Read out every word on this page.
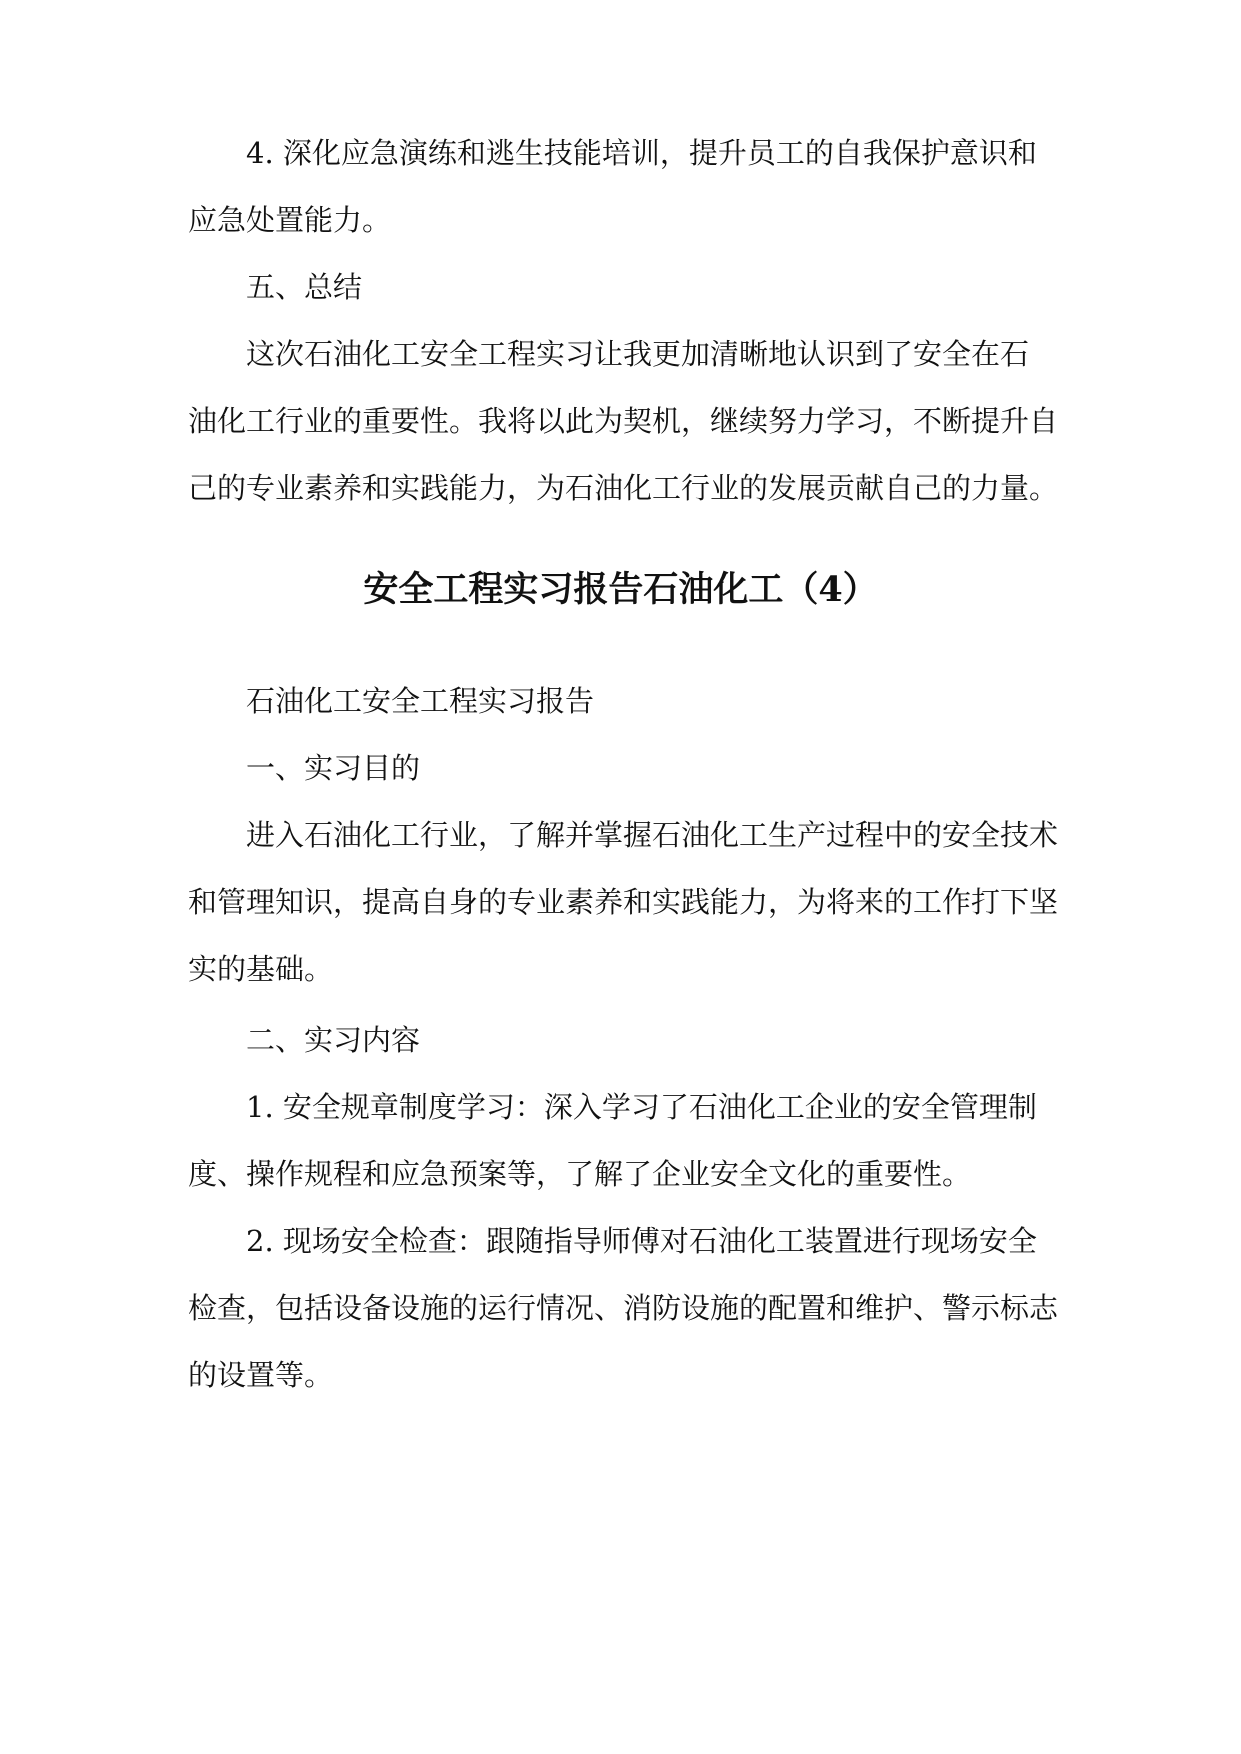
4. 深化应急演练和逃生技能培训，提升员工的自我保护意识和
应急处置能力。
五、总结
这次石油化工安全工程实习让我更加清晰地认识到了安全在石
油化工行业的重要性。我将以此为契机，继续努力学习，不断提升自
己的专业素养和实践能力，为石油化工行业的发展贡献自己的力量。
安全工程实习报告石油化工（4）
石油化工安全工程实习报告
一、实习目的
进入石油化工行业，了解并掌握石油化工生产过程中的安全技术
和管理知识，提高自身的专业素养和实践能力，为将来的工作打下坚
实的基础。
二、实习内容
1. 安全规章制度学习：深入学习了石油化工企业的安全管理制
度、操作规程和应急预案等，了解了企业安全文化的重要性。
2. 现场安全检查：跟随指导师傅对石油化工装置进行现场安全
检查，包括设备设施的运行情况、消防设施的配置和维护、警示标志
的设置等。
